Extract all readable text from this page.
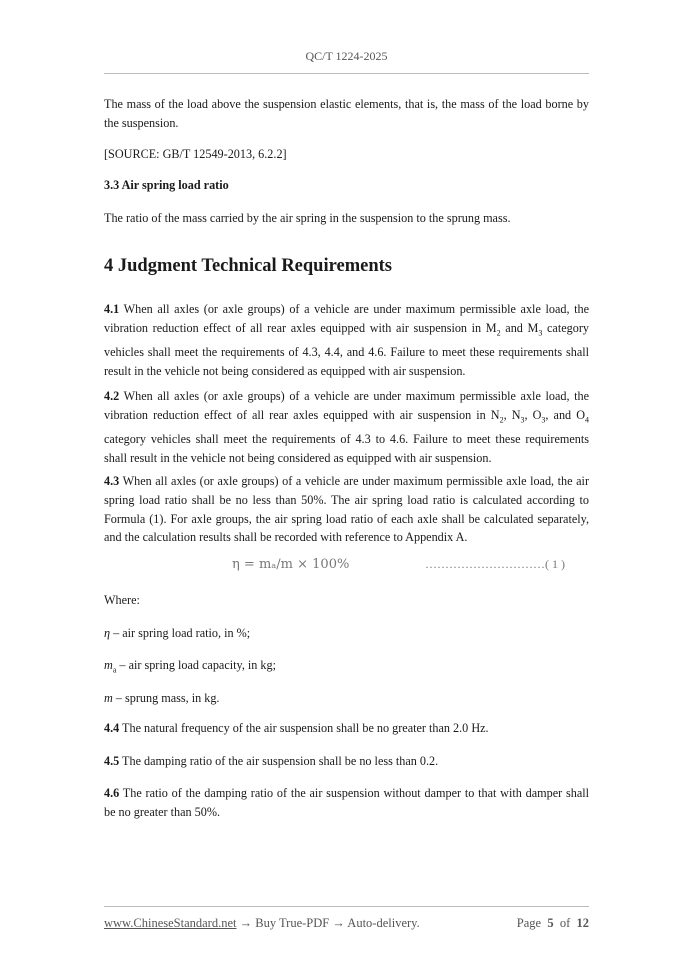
QC/T 1224-2025
The mass of the load above the suspension elastic elements, that is, the mass of the load borne by the suspension.
[SOURCE: GB/T 12549-2013, 6.2.2]
3.3 Air spring load ratio
The ratio of the mass carried by the air spring in the suspension to the sprung mass.
4 Judgment Technical Requirements
4.1 When all axles (or axle groups) of a vehicle are under maximum permissible axle load, the vibration reduction effect of all rear axles equipped with air suspension in $M_2$ and $M_3$ category vehicles shall meet the requirements of 4.3, 4.4, and 4.6. Failure to meet these requirements shall result in the vehicle not being considered as equipped with air suspension.
4.2 When all axles (or axle groups) of a vehicle are under maximum permissible axle load, the vibration reduction effect of all rear axles equipped with air suspension in $N_2$, $N_3$, $O_3$, and $O_4$ category vehicles shall meet the requirements of 4.3 to 4.6. Failure to meet these requirements shall result in the vehicle not being considered as equipped with air suspension.
4.3 When all axles (or axle groups) of a vehicle are under maximum permissible axle load, the air spring load ratio shall be no less than 50%. The air spring load ratio is calculated according to Formula (1). For axle groups, the air spring load ratio of each axle shall be calculated separately, and the calculation results shall be recorded with reference to Appendix A.
η = mₐ/m × 100%	…………………………( 1 )
Where:
η – air spring load ratio, in %;
$m_a$ – air spring load capacity, in kg;
m – sprung mass, in kg.
4.4 The natural frequency of the air suspension shall be no greater than 2.0 Hz.
4.5 The damping ratio of the air suspension shall be no less than 0.2.
4.6 The ratio of the damping ratio of the air suspension without damper to that with damper shall be no greater than 50%.
www.ChineseStandard.net → Buy True-PDF → Auto-delivery.	Page 5 of 12
